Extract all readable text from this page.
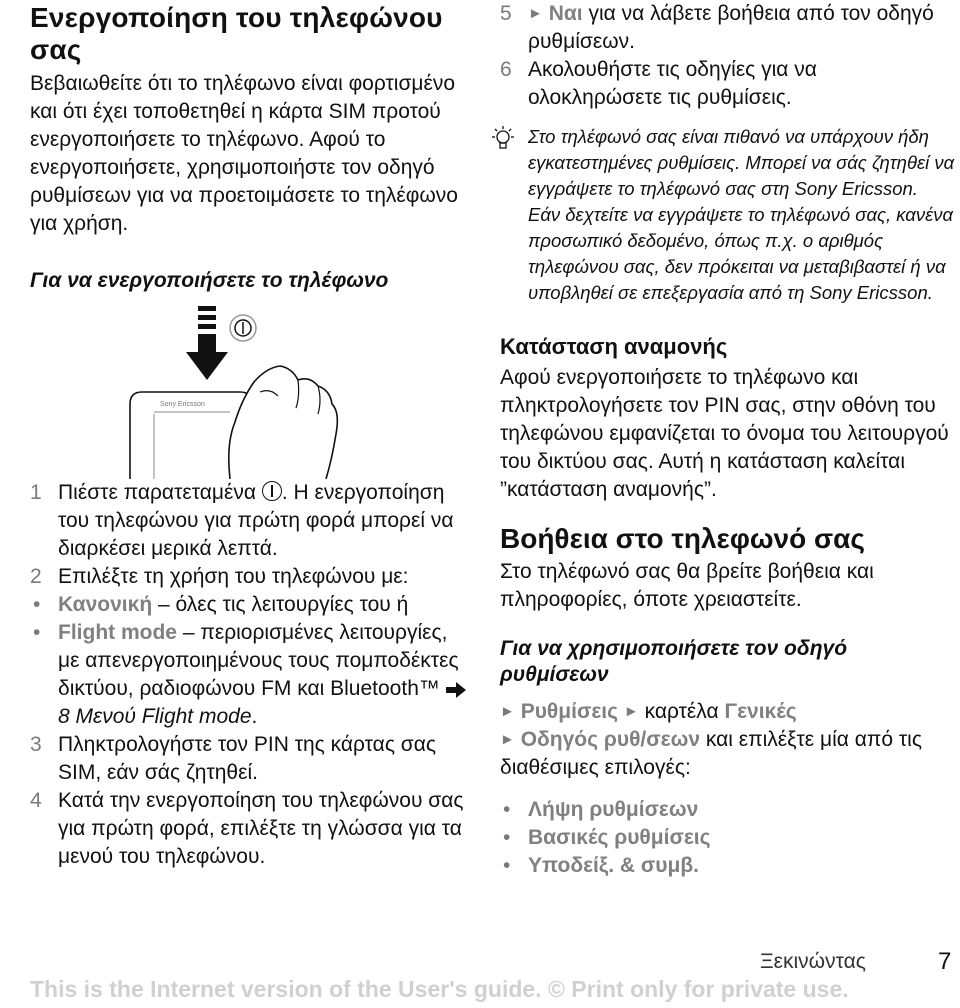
Ενεργοποίηση του τηλεφώνου σας

Βεβαιωθείτε ότι το τηλέφωνο είναι φορτισμένο και ότι έχει τοποθετηθεί η κάρτα SIM προτού ενεργοποιήσετε το τηλέφωνο. Αφού το ενεργοποιήσετε, χρησιμοποιήστε τον οδηγό ρυθμίσεων για να προετοιμάσετε το τηλέφωνο για χρήση.

Για να ενεργοποιήσετε το τηλέφωνο
Sony Ericsson
1 Πιέστε παρατεταμένα . Η ενεργοποίηση του τηλεφώνου για πρώτη φορά μπορεί να διαρκέσει μερικά λεπτά.
2 Επιλέξτε τη χρήση του τηλεφώνου με:
• Κανονική – όλες τις λειτουργίες του ή
• Flight mode – περιορισμένες λειτουργίες, με απενεργοποιημένους τους πομποδέκτες δικτύου, ραδιοφώνου FM και Bluetooth™  8 Μενού Flight mode.
3 Πληκτρολογήστε τον PIN της κάρτας σας SIM, εάν σάς ζητηθεί.
4 Κατά την ενεργοποίηση του τηλεφώνου σας για πρώτη φορά, επιλέξτε τη γλώσσα για τα μενού του τηλεφώνου.
5 ► Ναι για να λάβετε βοήθεια από τον οδηγό ρυθμίσεων.
6 Ακολουθήστε τις οδηγίες για να ολοκληρώσετε τις ρυθμίσεις.
Στο τηλέφωνό σας είναι πιθανό να υπάρχουν ήδη εγκατεστημένες ρυθμίσεις. Μπορεί να σάς ζητηθεί να εγγράψετε το τηλέφωνό σας στη Sony Ericsson. Εάν δεχτείτε να εγγράψετε το τηλέφωνό σας, κανένα προσωπικό δεδομένο, όπως π.χ. ο αριθμός τηλεφώνου σας, δεν πρόκειται να μεταβιβαστεί ή να υποβληθεί σε επεξεργασία από τη Sony Ericsson.
Κατάσταση αναμονής

Αφού ενεργοποιήσετε το τηλέφωνο και πληκτρολογήσετε τον PIN σας, στην οθόνη του τηλεφώνου εμφανίζεται το όνομα του λειτουργού του δικτύου σας. Αυτή η κατάσταση καλείται ”κατάσταση αναμονής”.

Βοήθεια στο τηλεφωνό σας

Στο τηλέφωνό σας θα βρείτε βοήθεια και πληροφορίες, όποτε χρειαστείτε.

Για να χρησιμοποιήσετε τον οδηγό ρυθμίσεων
► Ρυθμίσεις ► καρτέλα Γενικές
► Οδηγός ρυθ/σεων και επιλέξτε μία από τις διαθέσιμες επιλογές:
• Λήψη ρυθμίσεων
• Βασικές ρυθμίσεις
• Υποδείξ. & συμβ.
Ξεκινώντας	7
This is the Internet version of the User's guide. © Print only for private use.
